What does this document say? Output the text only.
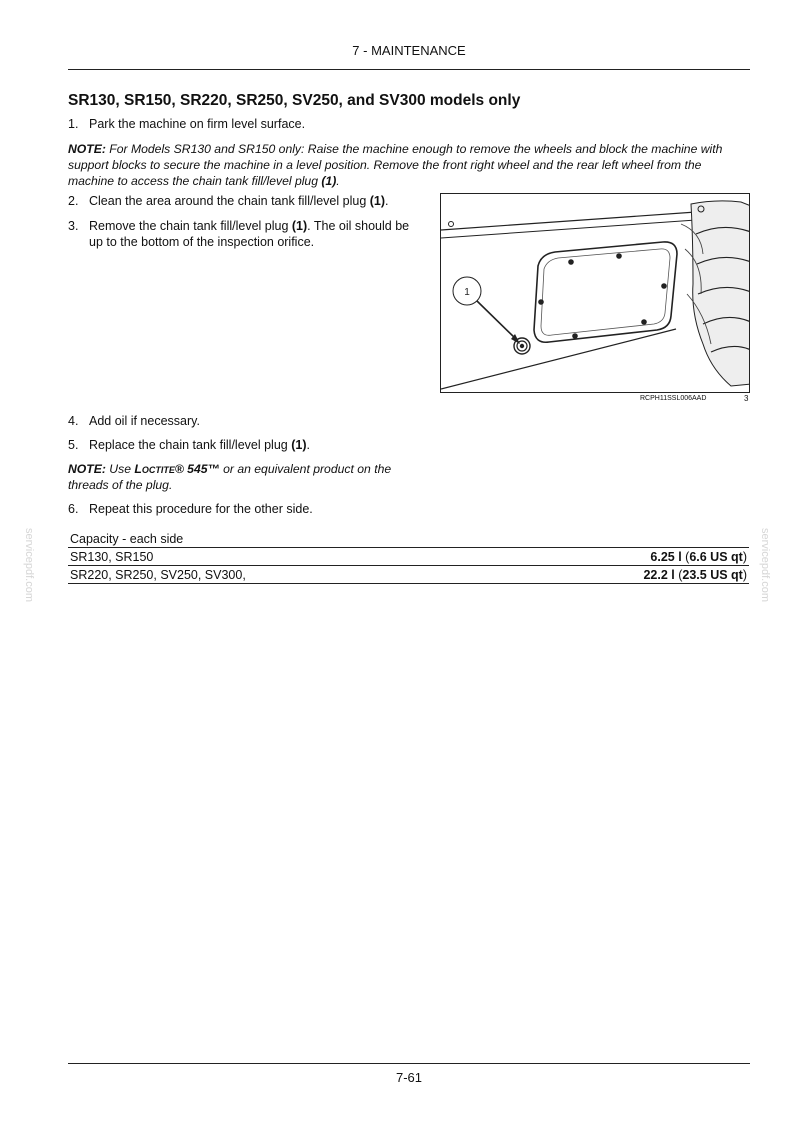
7 - MAINTENANCE
SR130, SR150, SR220, SR250, SV250, and SV300 models only
1. Park the machine on firm level surface.
NOTE: For Models SR130 and SR150 only: Raise the machine enough to remove the wheels and block the machine with support blocks to secure the machine in a level position. Remove the front right wheel and the rear left wheel from the machine to access the chain tank fill/level plug (1).
2. Clean the area around the chain tank fill/level plug (1).
3. Remove the chain tank fill/level plug (1). The oil should be up to the bottom of the inspection orifice.
1
RCPH11SSL006AAD	3
4. Add oil if necessary.
5. Replace the chain tank fill/level plug (1).
NOTE: Use Loctite® 545™ or an equivalent product on the threads of the plug.
6. Repeat this procedure for the other side.
Capacity - each side	
SR130, SR150	6.25 l (6.6 US qt)
SR220, SR250, SV250, SV300,	22.2 l (23.5 US qt)
servicepdf.com	servicepdf.com
7-61
